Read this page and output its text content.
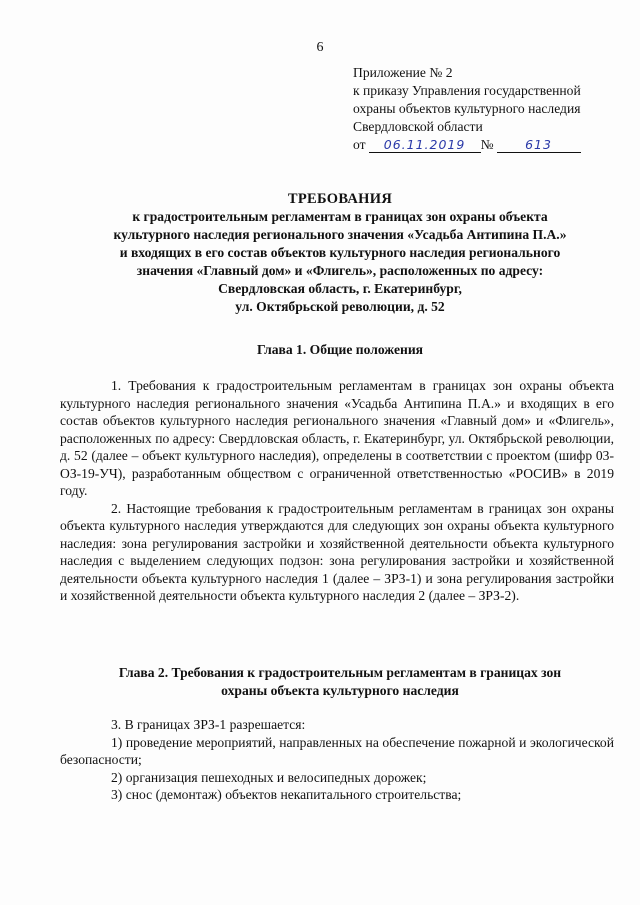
6
Приложение № 2
к приказу Управления государственной
охраны объектов культурного наследия
Свердловской области
от 06.11.2019 №	613
ТРЕБОВАНИЯ
к градостроительным регламентам в границах зон охраны объекта
культурного наследия регионального значения «Усадьба Антипина П.А.»
и входящих в его состав объектов культурного наследия регионального
значения «Главный дом» и «Флигель», расположенных по адресу:
Свердловская область, г. Екатеринбург,
ул. Октябрьской революции, д. 52
Глава 1. Общие положения

1. Требования к градостроительным регламентам в границах зон охраны объекта культурного наследия регионального значения «Усадьба Антипина П.А.» и входящих в его состав объектов культурного наследия регионального значения «Главный дом» и «Флигель», расположенных по адресу: Свердловская область, г. Екатеринбург, ул. Октябрьской революции, д. 52 (далее – объект культурного наследия), определены в соответствии с проектом (шифр 03-ОЗ-19-УЧ), разработанным обществом с ограниченной ответственностью «РОСИВ» в 2019 году.

2. Настоящие требования к градостроительным регламентам в границах зон охраны объекта культурного наследия утверждаются для следующих зон охраны объекта культурного наследия: зона регулирования застройки и хозяйственной деятельности объекта культурного наследия с выделением следующих подзон: зона регулирования застройки и хозяйственной деятельности объекта культурного наследия 1 (далее – ЗРЗ-1) и зона регулирования застройки и хозяйственной деятельности объекта культурного наследия 2 (далее – ЗРЗ-2).

Глава 2. Требования к градостроительным регламентам в границах зон
охраны объекта культурного наследия

3. В границах ЗРЗ-1 разрешается:

1) проведение мероприятий, направленных на обеспечение пожарной и экологической безопасности;

2) организация пешеходных и велосипедных дорожек;

3) снос (демонтаж) объектов некапитального строительства;
